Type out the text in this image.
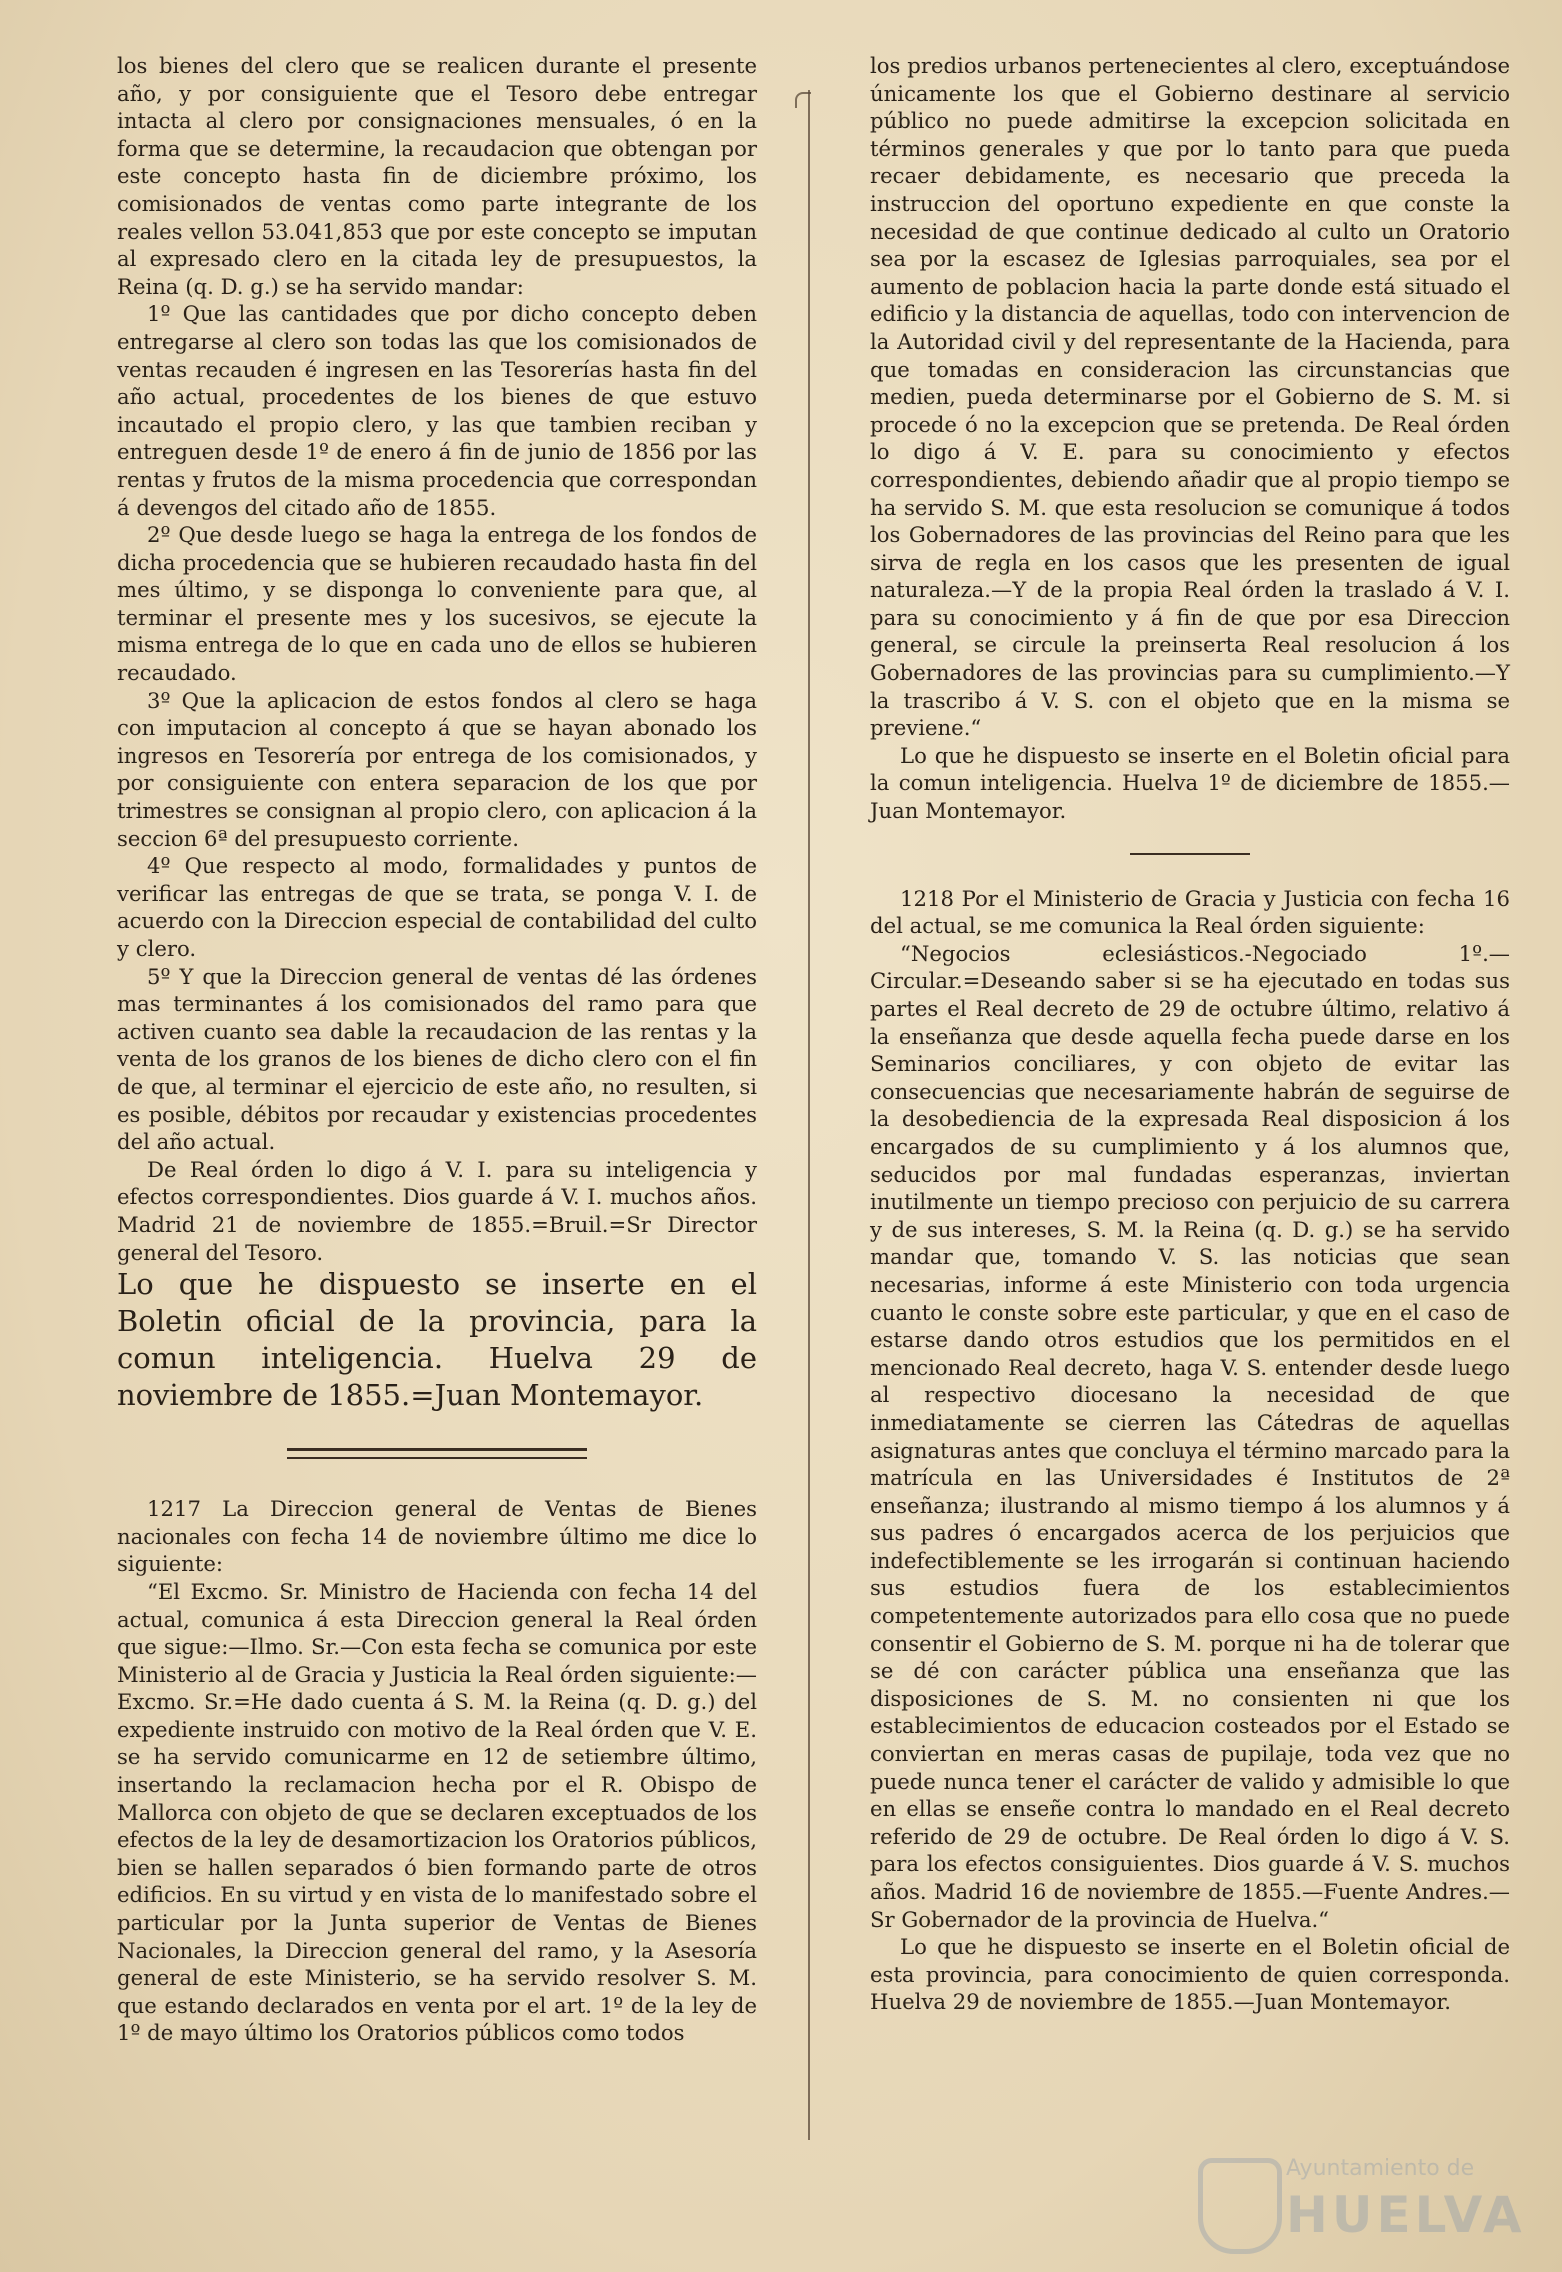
los bienes del clero que se realicen durante el presente año, y por consiguiente que el Tesoro debe entregar intacta al clero por consignaciones mensuales, ó en la forma que se determine, la recaudacion que obtengan por este concepto hasta fin de diciembre próximo, los comisionados de ventas como parte integrante de los reales vellon 53.041,853 que por este concepto se imputan al expresado clero en la citada ley de presupuestos, la Reina (q. D. g.) se ha servido mandar:

1º Que las cantidades que por dicho concepto deben entregarse al clero son todas las que los comisionados de ventas recauden é ingresen en las Tesorerías hasta fin del año actual, procedentes de los bienes de que estuvo incautado el propio clero, y las que tambien reciban y entreguen desde 1º de enero á fin de junio de 1856 por las rentas y frutos de la misma procedencia que correspondan á devengos del citado año de 1855.

2º Que desde luego se haga la entrega de los fondos de dicha procedencia que se hubieren recaudado hasta fin del mes último, y se disponga lo conveniente para que, al terminar el presente mes y los sucesivos, se ejecute la misma entrega de lo que en cada uno de ellos se hubieren recaudado.

3º Que la aplicacion de estos fondos al clero se haga con imputacion al concepto á que se hayan abonado los ingresos en Tesorería por entrega de los comisionados, y por consiguiente con entera separacion de los que por trimestres se consignan al propio clero, con aplicacion á la seccion 6ª del presupuesto corriente.

4º Que respecto al modo, formalidades y puntos de verificar las entregas de que se trata, se ponga V. I. de acuerdo con la Direccion especial de contabilidad del culto y clero.

5º Y que la Direccion general de ventas dé las órdenes mas terminantes á los comisionados del ramo para que activen cuanto sea dable la recaudacion de las rentas y la venta de los granos de los bienes de dicho clero con el fin de que, al terminar el ejercicio de este año, no resulten, si es posible, débitos por recaudar y existencias procedentes del año actual.

De Real órden lo digo á V. I. para su inteligencia y efectos correspondientes. Dios guarde á V. I. muchos años. Madrid 21 de noviembre de 1855.=Bruil.=Sr Director general del Tesoro.

Lo que he dispuesto se inserte en el Boletin oficial de la provincia, para la comun inteligencia. Huelva 29 de noviembre de 1855.=Juan Montemayor.

1217 La Direccion general de Ventas de Bienes nacionales con fecha 14 de noviembre último me dice lo siguiente:

“El Excmo. Sr. Ministro de Hacienda con fecha 14 del actual, comunica á esta Direccion general la Real órden que sigue:—Ilmo. Sr.—Con esta fecha se comunica por este Ministerio al de Gracia y Justicia la Real órden siguiente:—Excmo. Sr.=He dado cuenta á S. M. la Reina (q. D. g.) del expediente instruido con motivo de la Real órden que V. E. se ha servido comunicarme en 12 de setiembre último, insertando la reclamacion hecha por el R. Obispo de Mallorca con objeto de que se declaren exceptuados de los efectos de la ley de desamortizacion los Oratorios públicos, bien se hallen separados ó bien formando parte de otros edificios. En su virtud y en vista de lo manifestado sobre el particular por la Junta superior de Ventas de Bienes Nacionales, la Direccion general del ramo, y la Asesoría general de este Ministerio, se ha servido resolver S. M. que estando declarados en venta por el art. 1º de la ley de 1º de mayo último los Oratorios públicos como todos

los predios urbanos pertenecientes al clero, exceptuándose únicamente los que el Gobierno destinare al servicio público no puede admitirse la excepcion solicitada en términos generales y que por lo tanto para que pueda recaer debidamente, es necesario que preceda la instruccion del oportuno expediente en que conste la necesidad de que continue dedicado al culto un Oratorio sea por la escasez de Iglesias parroquiales, sea por el aumento de poblacion hacia la parte donde está situado el edificio y la distancia de aquellas, todo con intervencion de la Autoridad civil y del representante de la Hacienda, para que tomadas en consideracion las circunstancias que medien, pueda determinarse por el Gobierno de S. M. si procede ó no la excepcion que se pretenda. De Real órden lo digo á V. E. para su conocimiento y efectos correspondientes, debiendo añadir que al propio tiempo se ha servido S. M. que esta resolucion se comunique á todos los Gobernadores de las provincias del Reino para que les sirva de regla en los casos que les presenten de igual naturaleza.—Y de la propia Real órden la traslado á V. I. para su conocimiento y á fin de que por esa Direccion general, se circule la preinserta Real resolucion á los Gobernadores de las provincias para su cumplimiento.—Y la trascribo á V. S. con el objeto que en la misma se previene.“

Lo que he dispuesto se inserte en el Boletin oficial para la comun inteligencia. Huelva 1º de diciembre de 1855.—Juan Montemayor.

1218 Por el Ministerio de Gracia y Justicia con fecha 16 del actual, se me comunica la Real órden siguiente:

“Negocios eclesiásticos.-Negociado 1º.—Circular.=Deseando saber si se ha ejecutado en todas sus partes el Real decreto de 29 de octubre último, relativo á la enseñanza que desde aquella fecha puede darse en los Seminarios conciliares, y con objeto de evitar las consecuencias que necesariamente habrán de seguirse de la desobediencia de la expresada Real disposicion á los encargados de su cumplimiento y á los alumnos que, seducidos por mal fundadas esperanzas, inviertan inutilmente un tiempo precioso con perjuicio de su carrera y de sus intereses, S. M. la Reina (q. D. g.) se ha servido mandar que, tomando V. S. las noticias que sean necesarias, informe á este Ministerio con toda urgencia cuanto le conste sobre este particular, y que en el caso de estarse dando otros estudios que los permitidos en el mencionado Real decreto, haga V. S. entender desde luego al respectivo diocesano la necesidad de que inmediatamente se cierren las Cátedras de aquellas asignaturas antes que concluya el término marcado para la matrícula en las Universidades é Institutos de 2ª enseñanza; ilustrando al mismo tiempo á los alumnos y á sus padres ó encargados acerca de los perjuicios que indefectiblemente se les irrogarán si continuan haciendo sus estudios fuera de los establecimientos competentemente autorizados para ello cosa que no puede consentir el Gobierno de S. M. porque ni ha de tolerar que se dé con carácter pública una enseñanza que las disposiciones de S. M. no consienten ni que los establecimientos de educacion costeados por el Estado se conviertan en meras casas de pupilaje, toda vez que no puede nunca tener el carácter de valido y admisible lo que en ellas se enseñe contra lo mandado en el Real decreto referido de 29 de octubre. De Real órden lo digo á V. S. para los efectos consiguientes. Dios guarde á V. S. muchos años. Madrid 16 de noviembre de 1855.—Fuente Andres.—Sr Gobernador de la provincia de Huelva.“

Lo que he dispuesto se inserte en el Boletin oficial de esta provincia, para conocimiento de quien corresponda. Huelva 29 de noviembre de 1855.—Juan Montemayor.

Ayuntamiento de
HUELVA
